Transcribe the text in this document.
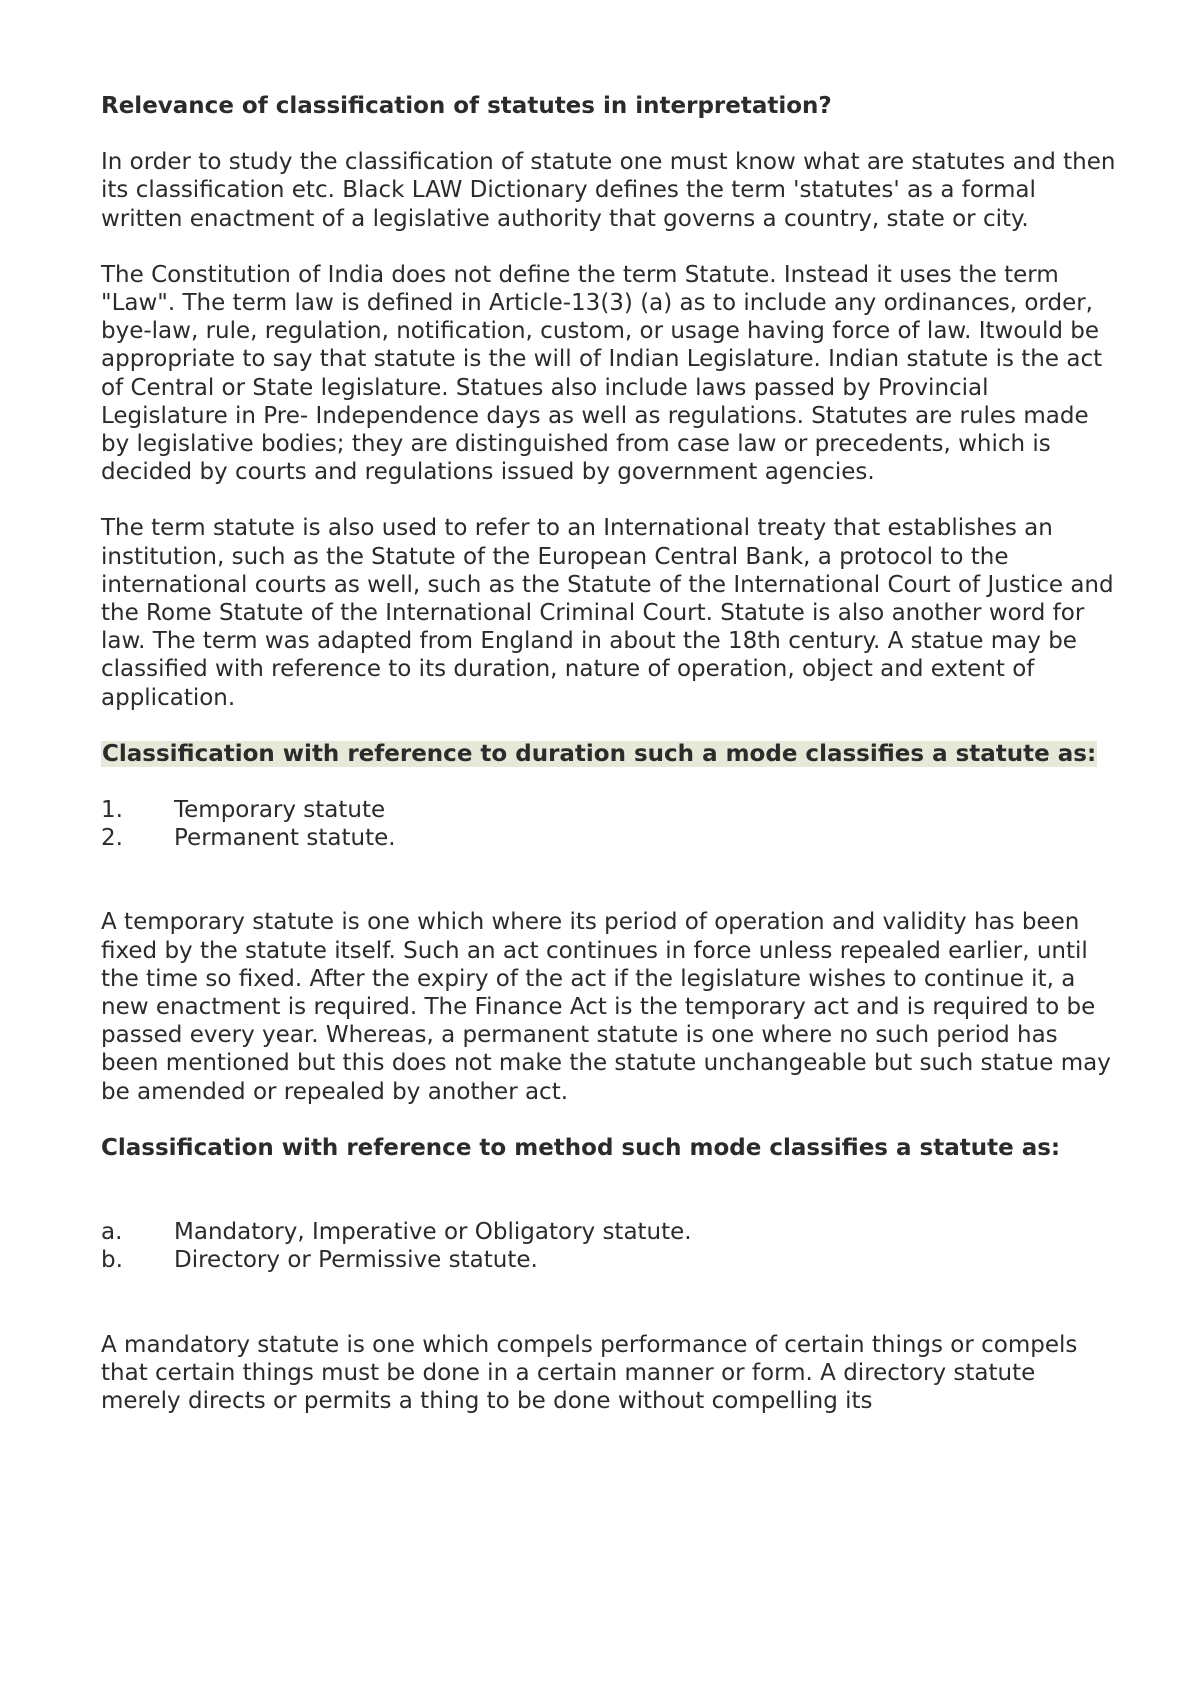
Relevance of classification of statutes in interpretation?

In order to study the classification of statute one must know what are statutes and then its classification etc. Black LAW Dictionary defines the term 'statutes' as a formal written enactment of a legislative authority that governs a country, state or city.

The Constitution of India does not define the term Statute. Instead it uses the term "Law". The term law is defined in Article-13(3) (a) as to include any ordinances, order, bye-law, rule, regulation, notification, custom, or usage having force of law. Itwould be appropriate to say that statute is the will of Indian Legislature. Indian statute is the act of Central or State legislature. Statues also include laws passed by Provincial Legislature in Pre- Independence days as well as regulations. Statutes are rules made by legislative bodies; they are distinguished from case law or precedents, which is decided by courts and regulations issued by government agencies.

The term statute is also used to refer to an International treaty that establishes an institution, such as the Statute of the European Central Bank, a protocol to the international courts as well, such as the Statute of the International Court of Justice and the Rome Statute of the International Criminal Court. Statute is also another word for law. The term was adapted from England in about the 18th century. A statue may be classified with reference to its duration, nature of operation, object and extent of application.

Classification with reference to duration such a mode classifies a statute as:

1.	Temporary statute
2.	Permanent statute.

A temporary statute is one which where its period of operation and validity has been fixed by the statute itself. Such an act continues in force unless repealed earlier, until the time so fixed. After the expiry of the act if the legislature wishes to continue it, a new enactment is required. The Finance Act is the temporary act and is required to be passed every year. Whereas, a permanent statute is one where no such period has been mentioned but this does not make the statute unchangeable but such statue may be amended or repealed by another act.

Classification with reference to method such mode classifies a statute as:

a.	Mandatory, Imperative or Obligatory statute.
b.	Directory or Permissive statute.

A mandatory statute is one which compels performance of certain things or compels that certain things must be done in a certain manner or form. A directory statute merely directs or permits a thing to be done without compelling its
